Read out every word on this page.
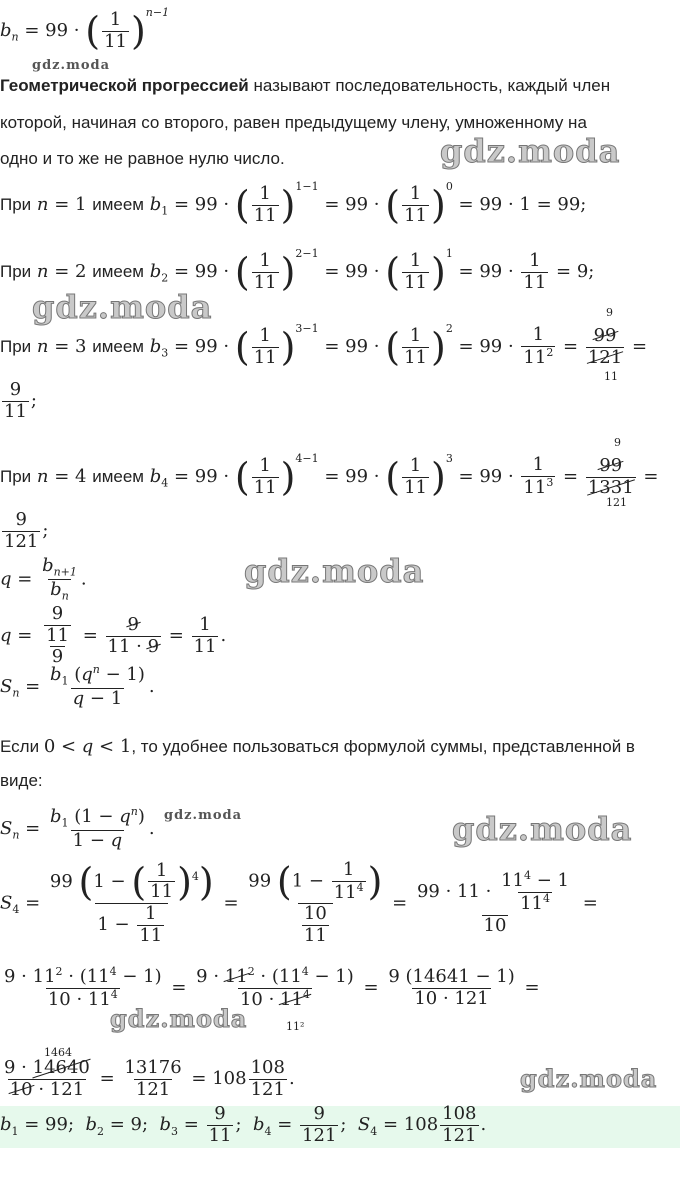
$b_n = 99$ · ( $\frac{1}{11} )^{n-1}$
gdz.moda
Геометрической прогрессией называют последовательность, каждый член
которой, начиная со второго, равен предыдущему члену, умноженному на
одно и то же не равное нулю число.	gdz.moda
При n = 1 имеем $b_1 = 99$ · ( $\frac{1}{11} )^{1-1} = 99$ · ( $\frac{1}{11} )^0 = 99 \cdot 1 = 99$;
При n = 2 имеем $b_2 = 99$ · ( $\frac{1}{11} )^{2-1} = 99$ · ( $\frac{1}{11} )^1 = 99 \cdot \frac{1}{11} = 9$;
gdz.moda
При n = 3 имеем $b_3 = 99$ · ( $\frac{1}{11} )^{3-1} = 99$ · ( $\frac{1}{11} )^2 = 99 \cdot \frac{1}{11^2} = \frac{99}{121}$ =
9
11
$\frac{9}{11}$ ;
При n = 4 имеем $b_4 = 99$ · ( $\frac{1}{11} )^{4-1} = 99$ · ( $\frac{1}{11} )^3 = 99 \cdot \frac{1}{11^3} = \frac{99}{1331}$ =
9
121
$\frac{9}{121}$ ;
$q = \frac{b_{n+1}}{b_n}$ .	gdz.moda
$q = \frac{\frac{9}{11}}{9} = \frac{9}{11 \cdot 9} = \frac{1}{11}$ .
$S_n = \frac{b_1 (q^n - 1)}{q - 1}$ .
Если 0 < q < 1, то удобнее пользоваться формулой суммы, представленной в
виде:
$S_n = \frac{b_1 (1 - q^n)}{1 - q}$ .
gdz.moda	gdz.moda
$S_4 = \frac{99 (1 - ( \frac{1}{11} )^4)}{1 - \frac{1}{11}} = \frac{99 (1 - \frac{1}{11^4} )}{\frac{10}{11}} = \frac{99 \cdot 11 \cdot \frac{11^4 - 1}{11^4}}{10}$ =
$\frac{9 \cdot 11^2 \cdot (11^4 - 1)}{10 \cdot 11^4} = \frac{9 \cdot 11^2 \cdot (11^4 - 1)}{10 \cdot 11^4} = \frac{9 (14641 - 1)}{10 \cdot 121}$ =
11²
gdz.moda
1464
$\frac{9 \cdot 14640}{10 \cdot 121} = \frac{13176}{121} = 108 \frac{108}{121}$ .	gdz.moda
$b_1 = 99$;  $b_2 = 9$;  $b_3 = \frac{9}{11}$ ;  $b_4 = \frac{9}{121}$ ;  $S_4 = 108 \frac{108}{121}$ .
